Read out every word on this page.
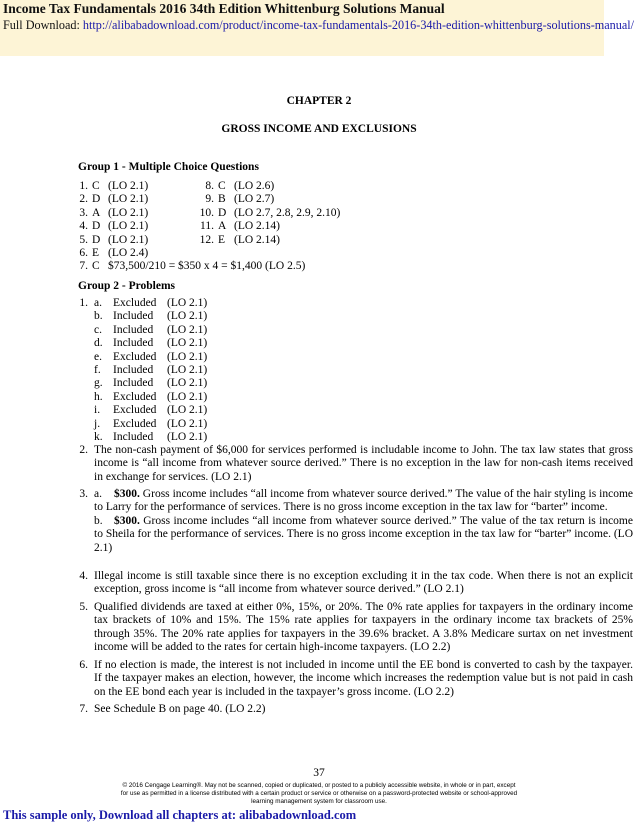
Income Tax Fundamentals 2016 34th Edition Whittenburg Solutions Manual
Full Download: http://alibabadownload.com/product/income-tax-fundamentals-2016-34th-edition-whittenburg-solutions-manual/
CHAPTER 2
GROSS INCOME AND EXCLUSIONS
Group 1 - Multiple Choice Questions
1. C (LO 2.1)
2. D (LO 2.1)
3. A (LO 2.1)
4. D (LO 2.1)
5. D (LO 2.1)
6. E (LO 2.4)
8. C (LO 2.6)
9. B (LO 2.7)
10. D (LO 2.7, 2.8, 2.9, 2.10)
11. A (LO 2.14)
12. E (LO 2.14)
7. C $73,500/210 = $350 x 4 = $1,400 (LO 2.5)
Group 2 - Problems
1. a. Excluded (LO 2.1)
b. Included	(LO 2.1)
c. Included	(LO 2.1)
d. Included	(LO 2.1)
e. Excluded (LO 2.1)
f.	Included	(LO 2.1)
g. Included	(LO 2.1)
h. Excluded (LO 2.1)
i.	Excluded (LO 2.1)
j.	Excluded (LO 2.1)
k. Included	(LO 2.1)
2. The non-cash payment of $6,000 for services performed is includable income to John. The tax law states that gross income is “all income from whatever source derived.” There is no exception in the law for non-cash items received in exchange for services. (LO 2.1)
3. a. $300. Gross income includes “all income from whatever source derived.” The value of the hair styling is income to Larry for the performance of services. There is no gross income exception in the tax law for “barter” income.
b. $300. Gross income includes “all income from whatever source derived.” The value of the tax return is income to Sheila for the performance of services. There is no gross income exception in the tax law for “barter” income. (LO 2.1)
4. Illegal income is still taxable since there is no exception excluding it in the tax code. When there is not an explicit exception, gross income is “all income from whatever source derived.” (LO 2.1)
5. Qualified dividends are taxed at either 0%, 15%, or 20%. The 0% rate applies for taxpayers in the ordinary income tax brackets of 10% and 15%. The 15% rate applies for taxpayers in the ordinary income tax brackets of 25% through 35%. The 20% rate applies for taxpayers in the 39.6% bracket. A 3.8% Medicare surtax on net investment income will be added to the rates for certain high-income taxpayers. (LO 2.2)
6. If no election is made, the interest is not included in income until the EE bond is converted to cash by the taxpayer. If the taxpayer makes an election, however, the income which increases the redemption value but is not paid in cash on the EE bond each year is included in the taxpayer’s gross income. (LO 2.2)
7. See Schedule B on page 40. (LO 2.2)
37
© 2016 Cengage Learning®. May not be scanned, copied or duplicated, or posted to a publicly accessible website, in whole or in part, except for use as permitted in a license distributed with a certain product or service or otherwise on a password-protected website or school-approved learning management system for classroom use.
This sample only, Download all chapters at: alibabadownload.com
